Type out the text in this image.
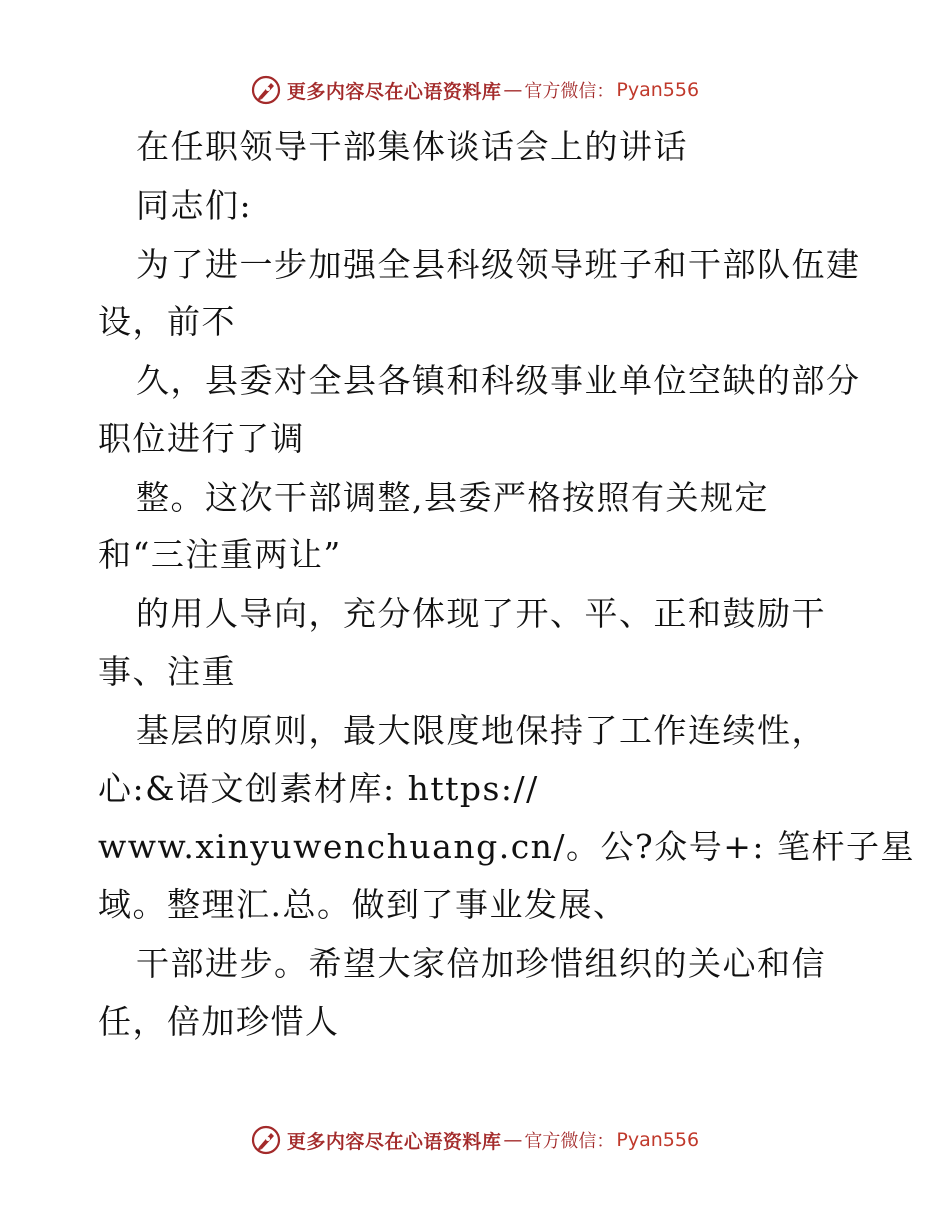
更多内容尽在心语资料库 — 官方微信： Pyan556
在任职领导干部集体谈话会上的讲话
同志们:
为了进一步加强全县科级领导班子和干部队伍建
设，前不
久，县委对全县各镇和科级事业单位空缺的部分
职位进行了调
整。这次干部调整,县委严格按照有关规定
和“三注重两让”
的用人导向，充分体现了开、平、正和鼓励干
事、注重
基层的原则，最大限度地保持了工作连续性，
心:&语文创素材库: https://
www.xinyuwenchuang.cn/。公?众号+: 笔杆子星
域。整理汇.总。做到了事业发展、
干部进步。希望大家倍加珍惜组织的关心和信
任，倍加珍惜人
更多内容尽在心语资料库 — 官方微信： Pyan556
